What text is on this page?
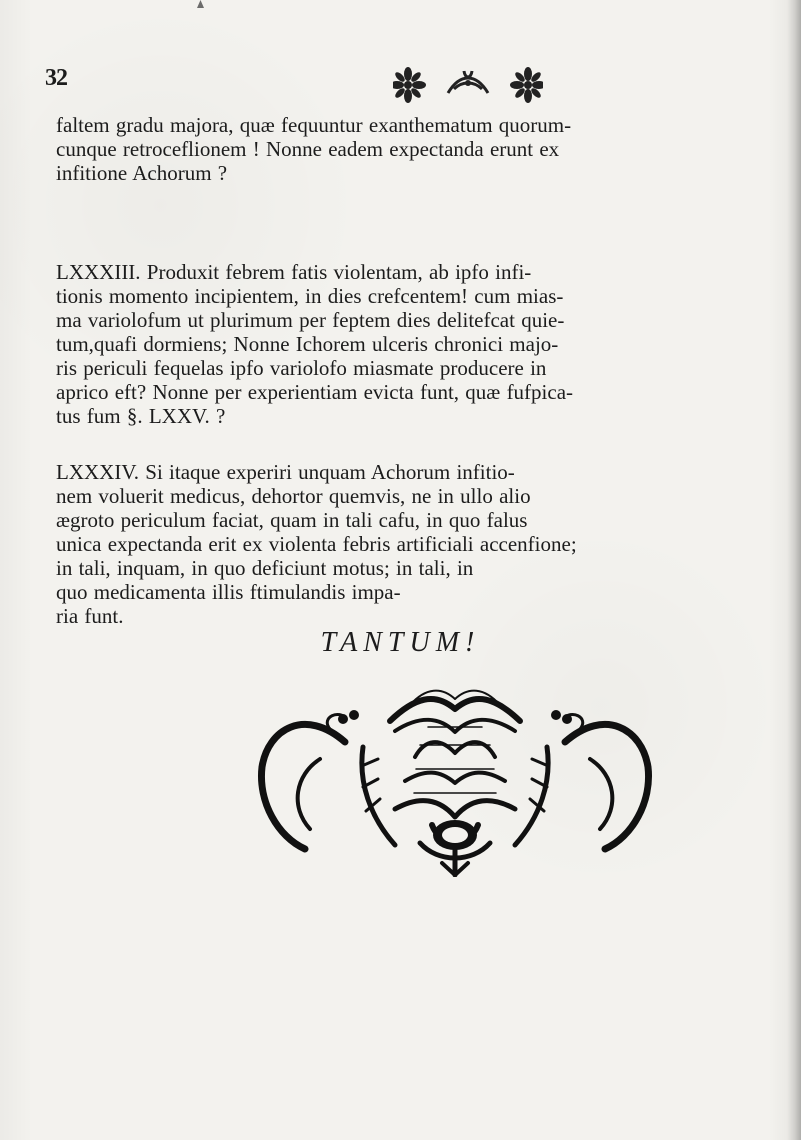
32
faltem gradu majora, quæ fequuntur exanthematum quorum-
cunque retroceflionem ! Nonne eadem expectanda erunt ex
infitione Achorum ?
LXXXIII. Produxit febrem fatis violentam, ab ipfo infi-
tionis momento incipientem, in dies crefcentem! cum mias-
ma variolofum ut plurimum per feptem dies delitefcat quie-
tum,quafi dormiens; Nonne Ichorem ulceris chronici majo-
ris periculi fequelas ipfo variolofo miasmate producere in
aprico eft? Nonne per experientiam evicta funt, quæ fufpica-
tus fum §. LXXV. ?
LXXXIV. Si itaque experiri unquam Achorum infitio-
nem voluerit medicus, dehortor quemvis, ne in ullo alio
ægroto periculum faciat, quam in tali cafu, in quo falus
unica expectanda erit ex violenta febris artificiali accenfione;
in tali, inquam, in quo deficiunt motus; in tali, in
quo medicamenta illis ftimulandis impa-
ria funt.
TANTUM!
